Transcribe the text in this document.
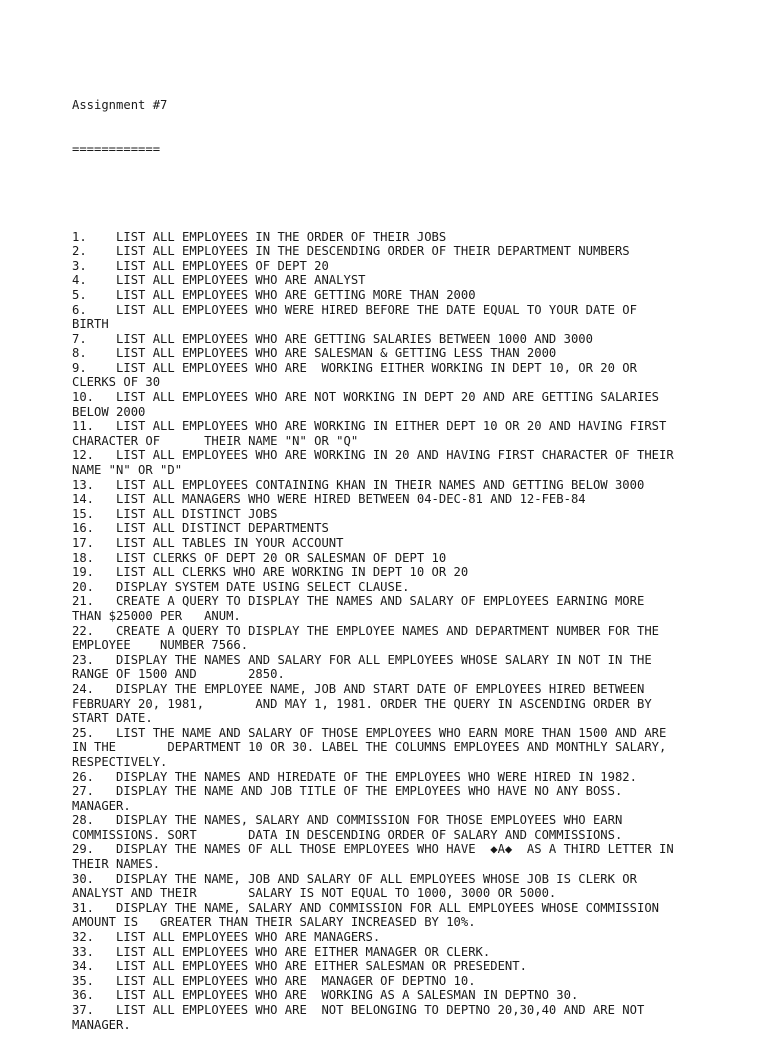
Assignment #7

============

1.    LIST ALL EMPLOYEES IN THE ORDER OF THEIR JOBS
2.    LIST ALL EMPLOYEES IN THE DESCENDING ORDER OF THEIR DEPARTMENT NUMBERS
3.    LIST ALL EMPLOYEES OF DEPT 20
4.    LIST ALL EMPLOYEES WHO ARE ANALYST
5.    LIST ALL EMPLOYEES WHO ARE GETTING MORE THAN 2000
6.    LIST ALL EMPLOYEES WHO WERE HIRED BEFORE THE DATE EQUAL TO YOUR DATE OF
BIRTH
7.    LIST ALL EMPLOYEES WHO ARE GETTING SALARIES BETWEEN 1000 AND 3000
8.    LIST ALL EMPLOYEES WHO ARE SALESMAN & GETTING LESS THAN 2000
9.    LIST ALL EMPLOYEES WHO ARE  WORKING EITHER WORKING IN DEPT 10, OR 20 OR
CLERKS OF 30
10.   LIST ALL EMPLOYEES WHO ARE NOT WORKING IN DEPT 20 AND ARE GETTING SALARIES
BELOW 2000
11.   LIST ALL EMPLOYEES WHO ARE WORKING IN EITHER DEPT 10 OR 20 AND HAVING FIRST
CHARACTER OF      THEIR NAME "N" OR "Q"
12.   LIST ALL EMPLOYEES WHO ARE WORKING IN 20 AND HAVING FIRST CHARACTER OF THEIR
NAME "N" OR "D"
13.   LIST ALL EMPLOYEES CONTAINING KHAN IN THEIR NAMES AND GETTING BELOW 3000
14.   LIST ALL MANAGERS WHO WERE HIRED BETWEEN 04-DEC-81 AND 12-FEB-84
15.   LIST ALL DISTINCT JOBS
16.   LIST ALL DISTINCT DEPARTMENTS
17.   LIST ALL TABLES IN YOUR ACCOUNT
18.   LIST CLERKS OF DEPT 20 OR SALESMAN OF DEPT 10
19.   LIST ALL CLERKS WHO ARE WORKING IN DEPT 10 OR 20
20.   DISPLAY SYSTEM DATE USING SELECT CLAUSE.
21.   CREATE A QUERY TO DISPLAY THE NAMES AND SALARY OF EMPLOYEES EARNING MORE
THAN $25000 PER   ANUM.
22.   CREATE A QUERY TO DISPLAY THE EMPLOYEE NAMES AND DEPARTMENT NUMBER FOR THE
EMPLOYEE    NUMBER 7566.
23.   DISPLAY THE NAMES AND SALARY FOR ALL EMPLOYEES WHOSE SALARY IN NOT IN THE
RANGE OF 1500 AND       2850.
24.   DISPLAY THE EMPLOYEE NAME, JOB AND START DATE OF EMPLOYEES HIRED BETWEEN
FEBRUARY 20, 1981,       AND MAY 1, 1981. ORDER THE QUERY IN ASCENDING ORDER BY
START DATE.
25.   LIST THE NAME AND SALARY OF THOSE EMPLOYEES WHO EARN MORE THAN 1500 AND ARE
IN THE       DEPARTMENT 10 OR 30. LABEL THE COLUMNS EMPLOYEES AND MONTHLY SALARY,
RESPECTIVELY.
26.   DISPLAY THE NAMES AND HIREDATE OF THE EMPLOYEES WHO WERE HIRED IN 1982.
27.   DISPLAY THE NAME AND JOB TITLE OF THE EMPLOYEES WHO HAVE NO ANY BOSS.
MANAGER.
28.   DISPLAY THE NAMES, SALARY AND COMMISSION FOR THOSE EMPLOYEES WHO EARN
COMMISSIONS. SORT       DATA IN DESCENDING ORDER OF SALARY AND COMMISSIONS.
29.   DISPLAY THE NAMES OF ALL THOSE EMPLOYEES WHO HAVE  ◆A◆  AS A THIRD LETTER IN
THEIR NAMES.
30.   DISPLAY THE NAME, JOB AND SALARY OF ALL EMPLOYEES WHOSE JOB IS CLERK OR
ANALYST AND THEIR       SALARY IS NOT EQUAL TO 1000, 3000 OR 5000.
31.   DISPLAY THE NAME, SALARY AND COMMISSION FOR ALL EMPLOYEES WHOSE COMMISSION
AMOUNT IS   GREATER THAN THEIR SALARY INCREASED BY 10%.
32.   LIST ALL EMPLOYEES WHO ARE MANAGERS.
33.   LIST ALL EMPLOYEES WHO ARE EITHER MANAGER OR CLERK.
34.   LIST ALL EMPLOYEES WHO ARE EITHER SALESMAN OR PRESEDENT.
35.   LIST ALL EMPLOYEES WHO ARE  MANAGER OF DEPTNO 10.
36.   LIST ALL EMPLOYEES WHO ARE  WORKING AS A SALESMAN IN DEPTNO 30.
37.   LIST ALL EMPLOYEES WHO ARE  NOT BELONGING TO DEPTNO 20,30,40 AND ARE NOT
MANAGER.
